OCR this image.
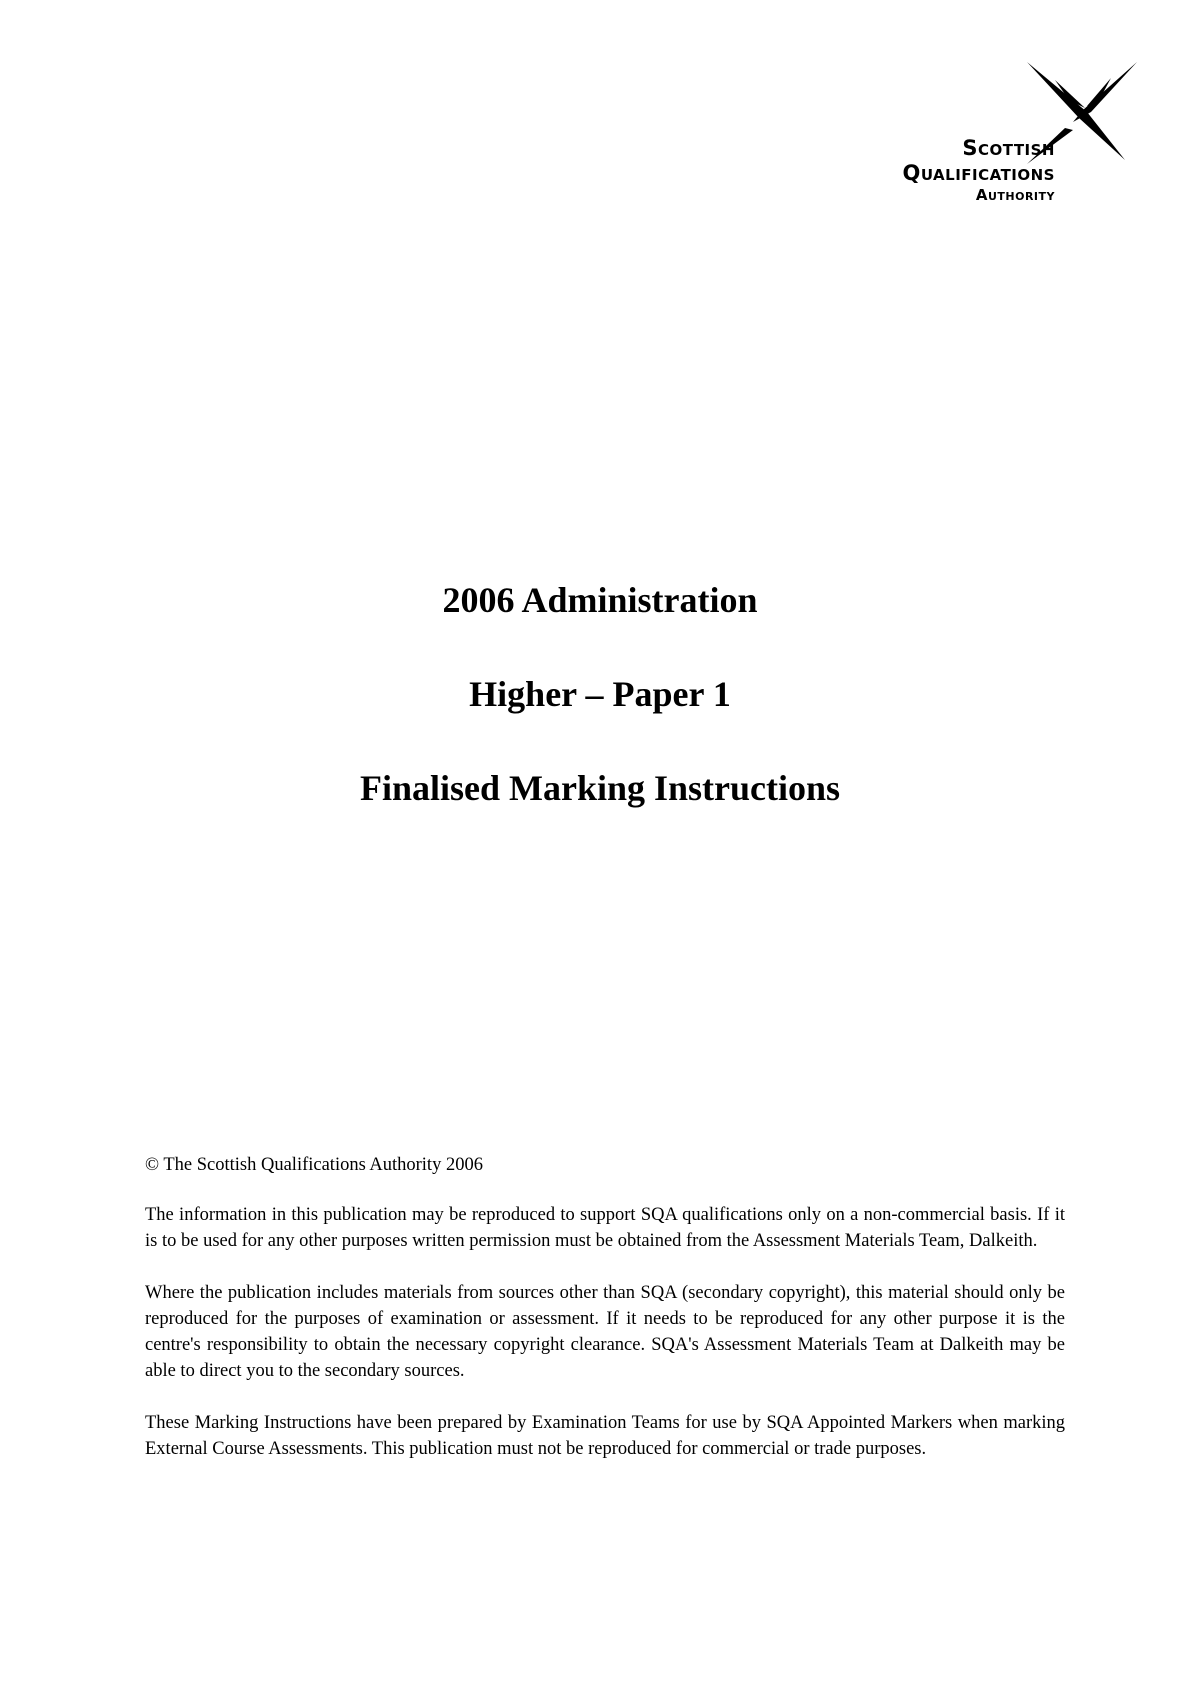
Scottish
Qualifications
Authority
2006 Administration
Higher – Paper 1
Finalised Marking Instructions

© The Scottish Qualifications Authority 2006

The information in this publication may be reproduced to support SQA qualifications only on a non-commercial basis. If it is to be used for any other purposes written permission must be obtained from the Assessment Materials Team, Dalkeith.

Where the publication includes materials from sources other than SQA (secondary copyright), this material should only be reproduced for the purposes of examination or assessment. If it needs to be reproduced for any other purpose it is the centre's responsibility to obtain the necessary copyright clearance. SQA's Assessment Materials Team at Dalkeith may be able to direct you to the secondary sources.

These Marking Instructions have been prepared by Examination Teams for use by SQA Appointed Markers when marking External Course Assessments. This publication must not be reproduced for commercial or trade purposes.
